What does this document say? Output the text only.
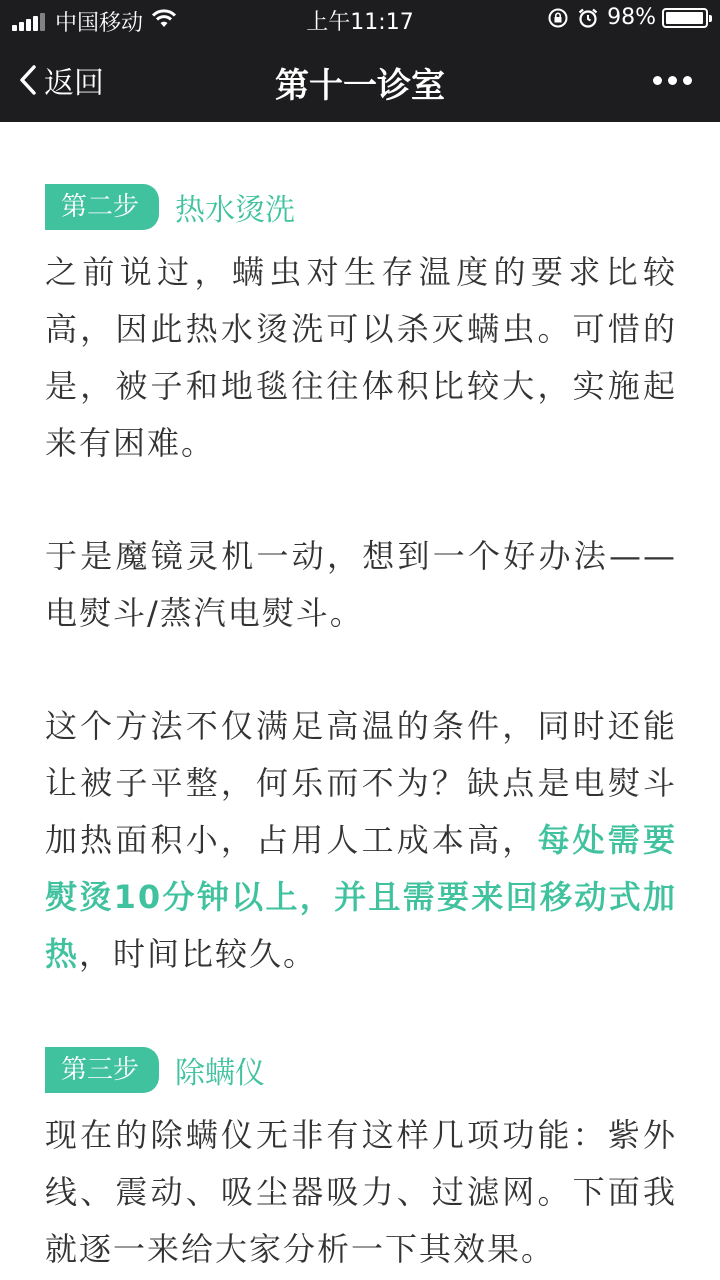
中国移动	上午11:17	98%
返回	第十一诊室
第二步	热水烫洗

之前说过，螨虫对生存温度的要求比较高，因此热水烫洗可以杀灭螨虫。可惜的是，被子和地毯往往体积比较大，实施起来有困难。

于是魔镜灵机一动，想到一个好办法——电熨斗/蒸汽电熨斗。

这个方法不仅满足高温的条件，同时还能让被子平整，何乐而不为？缺点是电熨斗加热面积小，占用人工成本高，每处需要熨烫10分钟以上，并且需要来回移动式加热，时间比较久。

第三步	除螨仪

现在的除螨仪无非有这样几项功能：紫外线、震动、吸尘器吸力、过滤网。下面我就逐一来给大家分析一下其效果。
